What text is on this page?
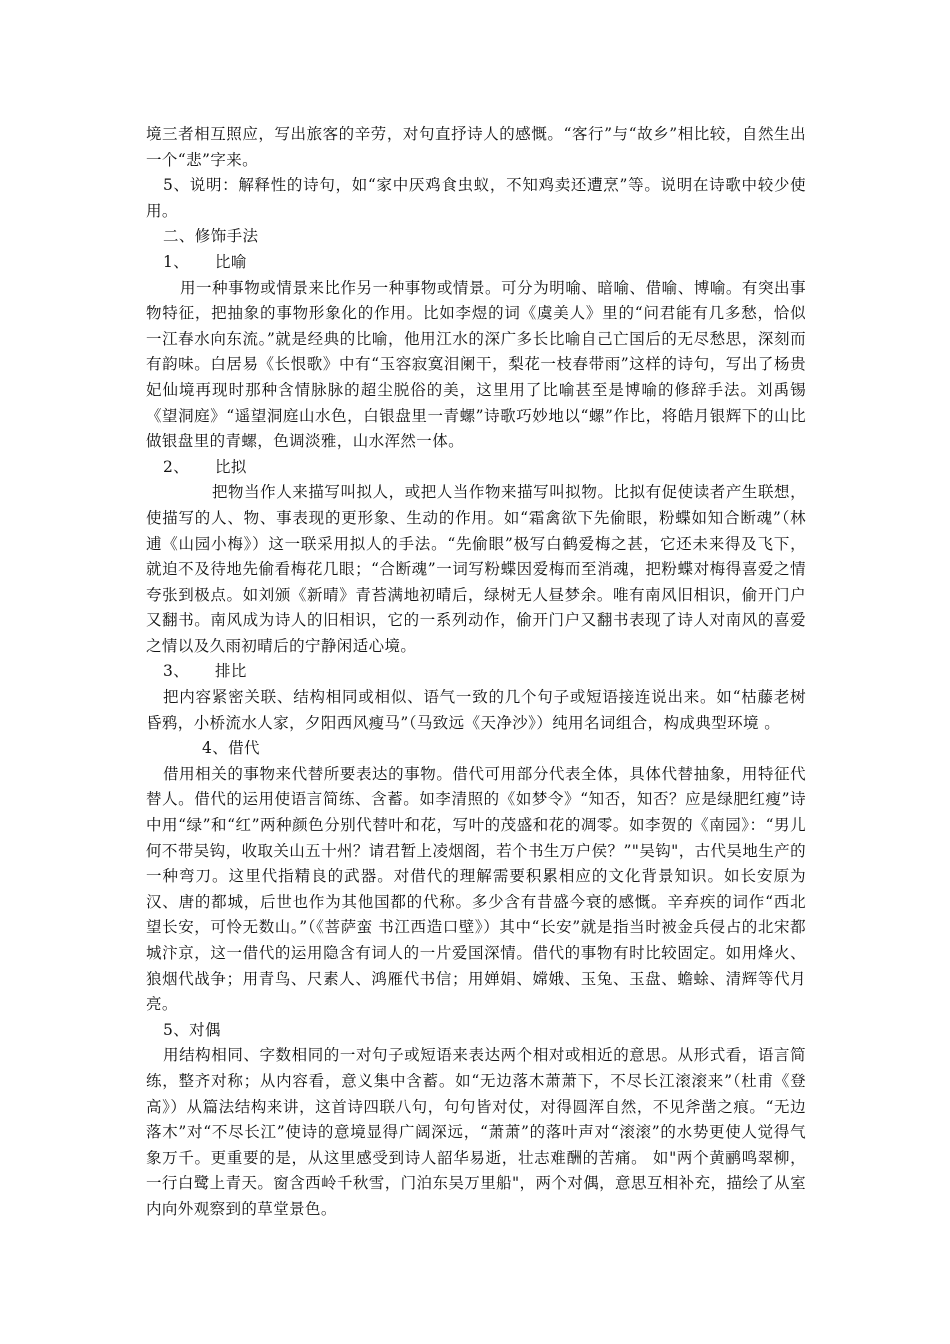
境三者相互照应，写出旅客的辛劳，对句直抒诗人的感慨。“客行”与“故乡”相比较，自然生出一个“悲”字来。

5、说明：解释性的诗句，如“家中厌鸡食虫蚁，不知鸡卖还遭烹”等。说明在诗歌中较少使用。

二、修饰手法

1、 比喻

用一种事物或情景来比作另一种事物或情景。可分为明喻、暗喻、借喻、博喻。有突出事物特征，把抽象的事物形象化的作用。比如李煜的词《虞美人》里的“问君能有几多愁，恰似一江春水向东流。”就是经典的比喻，他用江水的深广多长比喻自己亡国后的无尽愁思，深刻而有韵味。白居易《长恨歌》中有“玉容寂寞泪阑干，梨花一枝春带雨”这样的诗句，写出了杨贵妃仙境再现时那种含情脉脉的超尘脱俗的美，这里用了比喻甚至是博喻的修辞手法。刘禹锡《望洞庭》“遥望洞庭山水色，白银盘里一青螺”诗歌巧妙地以“螺”作比，将皓月银辉下的山比做银盘里的青螺，色调淡雅，山水浑然一体。

2、 比拟

把物当作人来描写叫拟人，或把人当作物来描写叫拟物。比拟有促使读者产生联想，使描写的人、物、事表现的更形象、生动的作用。如“霜禽欲下先偷眼，粉蝶如知合断魂”（林逋《山园小梅》）这一联采用拟人的手法。“先偷眼”极写白鹤爱梅之甚，它还未来得及飞下，就迫不及待地先偷看梅花几眼；“合断魂”一词写粉蝶因爱梅而至消魂，把粉蝶对梅得喜爱之情夸张到极点。如刘颁《新晴》青苔满地初晴后，绿树无人昼梦余。唯有南风旧相识，偷开门户又翻书。南风成为诗人的旧相识，它的一系列动作，偷开门户又翻书表现了诗人对南风的喜爱之情以及久雨初晴后的宁静闲适心境。

3、 排比

把内容紧密关联、结构相同或相似、语气一致的几个句子或短语接连说出来。如“枯藤老树昏鸦，小桥流水人家，夕阳西风瘦马”（马致远《天净沙》）纯用名词组合，构成典型环境 。

4、借代

借用相关的事物来代替所要表达的事物。借代可用部分代表全体，具体代替抽象，用特征代替人。借代的运用使语言简练、含蓄。如李清照的《如梦令》“知否，知否？应是绿肥红瘦”诗中用“绿”和“红”两种颜色分别代替叶和花，写叶的茂盛和花的凋零。如李贺的《南园》：“男儿何不带吴钩，收取关山五十州？请君暂上凌烟阁，若个书生万户侯？”"吴钩"，古代吴地生产的一种弯刀。这里代指精良的武器。对借代的理解需要积累相应的文化背景知识。如长安原为汉、唐的都城，后世也作为其他国都的代称。多少含有昔盛今衰的感慨。辛弃疾的词作“西北望长安，可怜无数山。”（《菩萨蛮 书江西造口壁》）其中“长安”就是指当时被金兵侵占的北宋都城汴京，这一借代的运用隐含有词人的一片爱国深情。借代的事物有时比较固定。如用烽火、狼烟代战争；用青鸟、尺素人、鸿雁代书信；用婵娟、嫦娥、玉兔、玉盘、蟾蜍、清辉等代月亮。

5、对偶

用结构相同、字数相同的一对句子或短语来表达两个相对或相近的意思。从形式看，语言简练，整齐对称；从内容看，意义集中含蓄。如“无边落木萧萧下，不尽长江滚滚来”（杜甫《登高》）从篇法结构来讲，这首诗四联八句，句句皆对仗，对得圆浑自然，不见斧凿之痕。“无边落木”对“不尽长江”使诗的意境显得广阔深远，“萧萧”的落叶声对“滚滚”的水势更使人觉得气象万千。更重要的是，从这里感受到诗人韶华易逝，壮志难酬的苦痛。 如"两个黄鹂鸣翠柳，一行白鹭上青天。窗含西岭千秋雪，门泊东吴万里船"，两个对偶，意思互相补充，描绘了从室内向外观察到的草堂景色。
